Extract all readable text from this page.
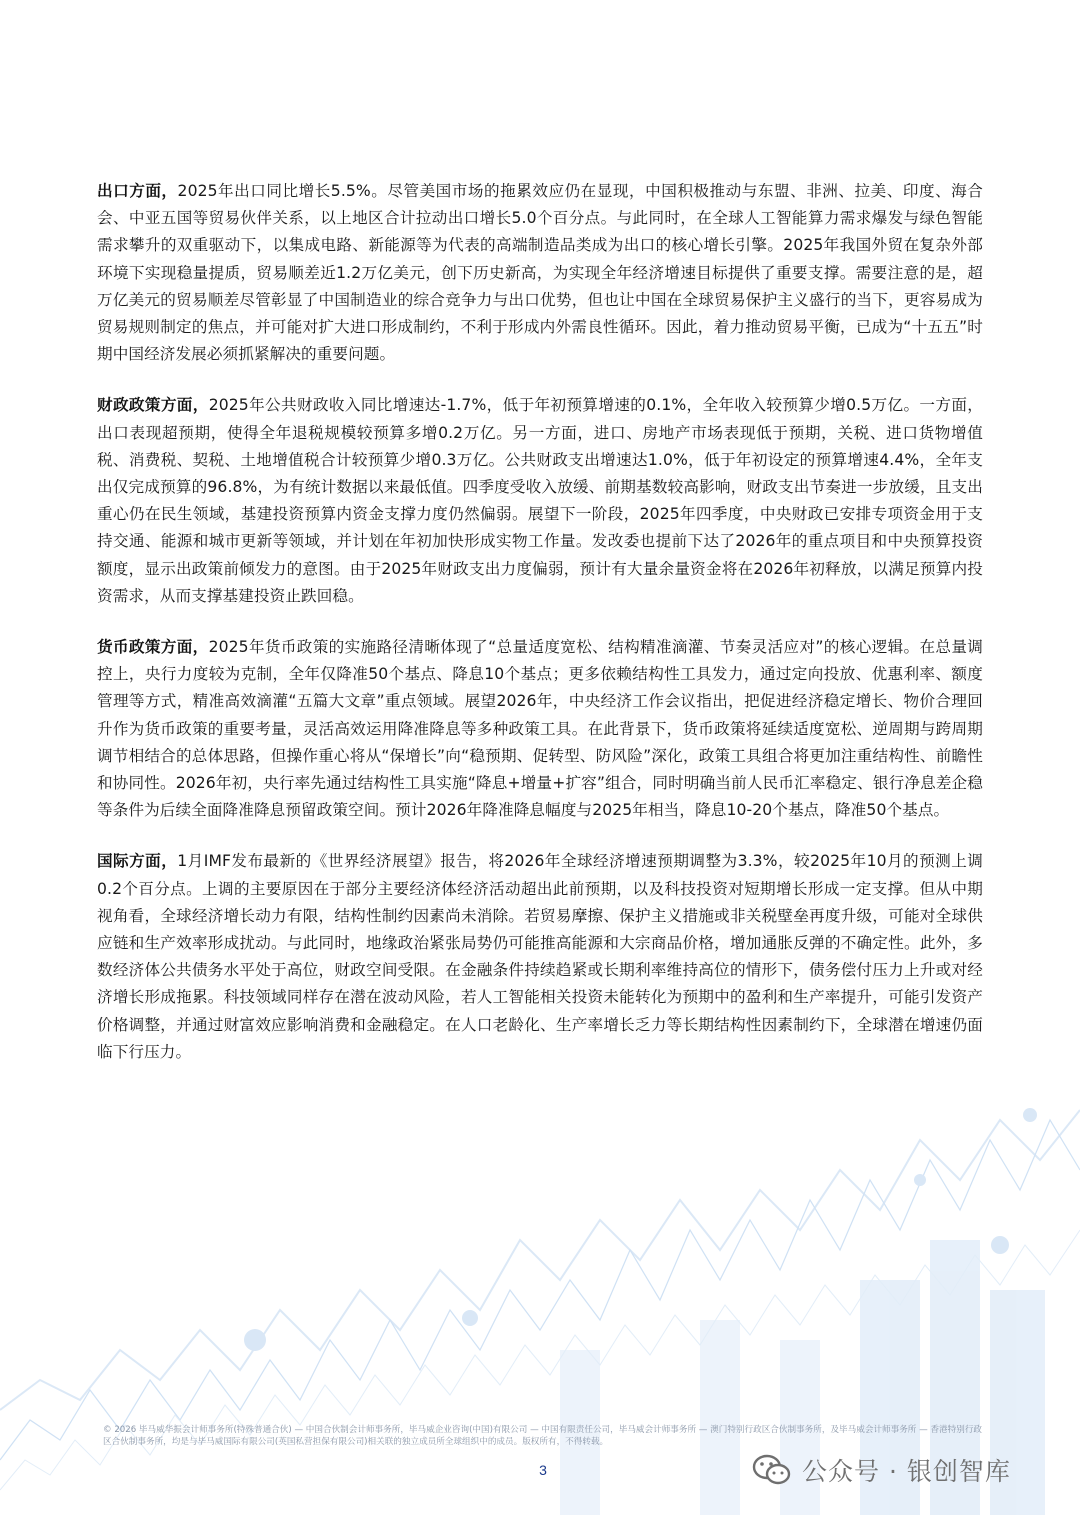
出口方面，2025年出口同比增长5.5%。尽管美国市场的拖累效应仍在显现，中国积极推动与东盟、非洲、拉美、印度、海合会、中亚五国等贸易伙伴关系，以上地区合计拉动出口增长5.0个百分点。与此同时，在全球人工智能算力需求爆发与绿色智能需求攀升的双重驱动下，以集成电路、新能源等为代表的高端制造品类成为出口的核心增长引擎。2025年我国外贸在复杂外部环境下实现稳量提质，贸易顺差近1.2万亿美元，创下历史新高，为实现全年经济增速目标提供了重要支撑。需要注意的是，超万亿美元的贸易顺差尽管彰显了中国制造业的综合竞争力与出口优势，但也让中国在全球贸易保护主义盛行的当下，更容易成为贸易规则制定的焦点，并可能对扩大进口形成制约，不利于形成内外需良性循环。因此，着力推动贸易平衡，已成为“十五五”时期中国经济发展必须抓紧解决的重要问题。

财政政策方面，2025年公共财政收入同比增速达-1.7%，低于年初预算增速的0.1%，全年收入较预算少增0.5万亿。一方面，出口表现超预期，使得全年退税规模较预算多增0.2万亿。另一方面，进口、房地产市场表现低于预期，关税、进口货物增值税、消费税、契税、土地增值税合计较预算少增0.3万亿。公共财政支出增速达1.0%，低于年初设定的预算增速4.4%，全年支出仅完成预算的96.8%，为有统计数据以来最低值。四季度受收入放缓、前期基数较高影响，财政支出节奏进一步放缓，且支出重心仍在民生领域，基建投资预算内资金支撑力度仍然偏弱。展望下一阶段，2025年四季度，中央财政已安排专项资金用于支持交通、能源和城市更新等领域，并计划在年初加快形成实物工作量。发改委也提前下达了2026年的重点项目和中央预算投资额度，显示出政策前倾发力的意图。由于2025年财政支出力度偏弱，预计有大量余量资金将在2026年初释放，以满足预算内投资需求，从而支撑基建投资止跌回稳。

货币政策方面，2025年货币政策的实施路径清晰体现了“总量适度宽松、结构精准滴灌、节奏灵活应对”的核心逻辑。在总量调控上，央行力度较为克制，全年仅降准50个基点、降息10个基点；更多依赖结构性工具发力，通过定向投放、优惠利率、额度管理等方式，精准高效滴灌“五篇大文章”重点领域。展望2026年，中央经济工作会议指出，把促进经济稳定增长、物价合理回升作为货币政策的重要考量，灵活高效运用降准降息等多种政策工具。在此背景下，货币政策将延续适度宽松、逆周期与跨周期调节相结合的总体思路，但操作重心将从“保增长”向“稳预期、促转型、防风险”深化，政策工具组合将更加注重结构性、前瞻性和协同性。2026年初，央行率先通过结构性工具实施“降息+增量+扩容”组合，同时明确当前人民币汇率稳定、银行净息差企稳等条件为后续全面降准降息预留政策空间。预计2026年降准降息幅度与2025年相当，降息10-20个基点，降准50个基点。

国际方面，1月IMF发布最新的《世界经济展望》报告，将2026年全球经济增速预期调整为3.3%，较2025年10月的预测上调0.2个百分点。上调的主要原因在于部分主要经济体经济活动超出此前预期，以及科技投资对短期增长形成一定支撑。但从中期视角看，全球经济增长动力有限，结构性制约因素尚未消除。若贸易摩擦、保护主义措施或非关税壁垒再度升级，可能对全球供应链和生产效率形成扰动。与此同时，地缘政治紧张局势仍可能推高能源和大宗商品价格，增加通胀反弹的不确定性。此外，多数经济体公共债务水平处于高位，财政空间受限。在金融条件持续趋紧或长期利率维持高位的情形下，债务偿付压力上升或对经济增长形成拖累。科技领域同样存在潜在波动风险，若人工智能相关投资未能转化为预期中的盈利和生产率提升，可能引发资产价格调整，并通过财富效应影响消费和金融稳定。在人口老龄化、生产率增长乏力等长期结构性因素制约下，全球潜在增速仍面临下行压力。

© 2026 毕马威华振会计师事务所(特殊普通合伙) — 中国合伙制会计师事务所，毕马威企业咨询(中国)有限公司 — 中国有限责任公司，毕马威会计师事务所 — 澳门特别行政区合伙制事务所，及毕马威会计师事务所 — 香港特别行政区合伙制事务所，均是与毕马威国际有限公司(英国私营担保有限公司)相关联的独立成员所全球组织中的成员。版权所有，不得转载。
3	公众号 · 银创智库
